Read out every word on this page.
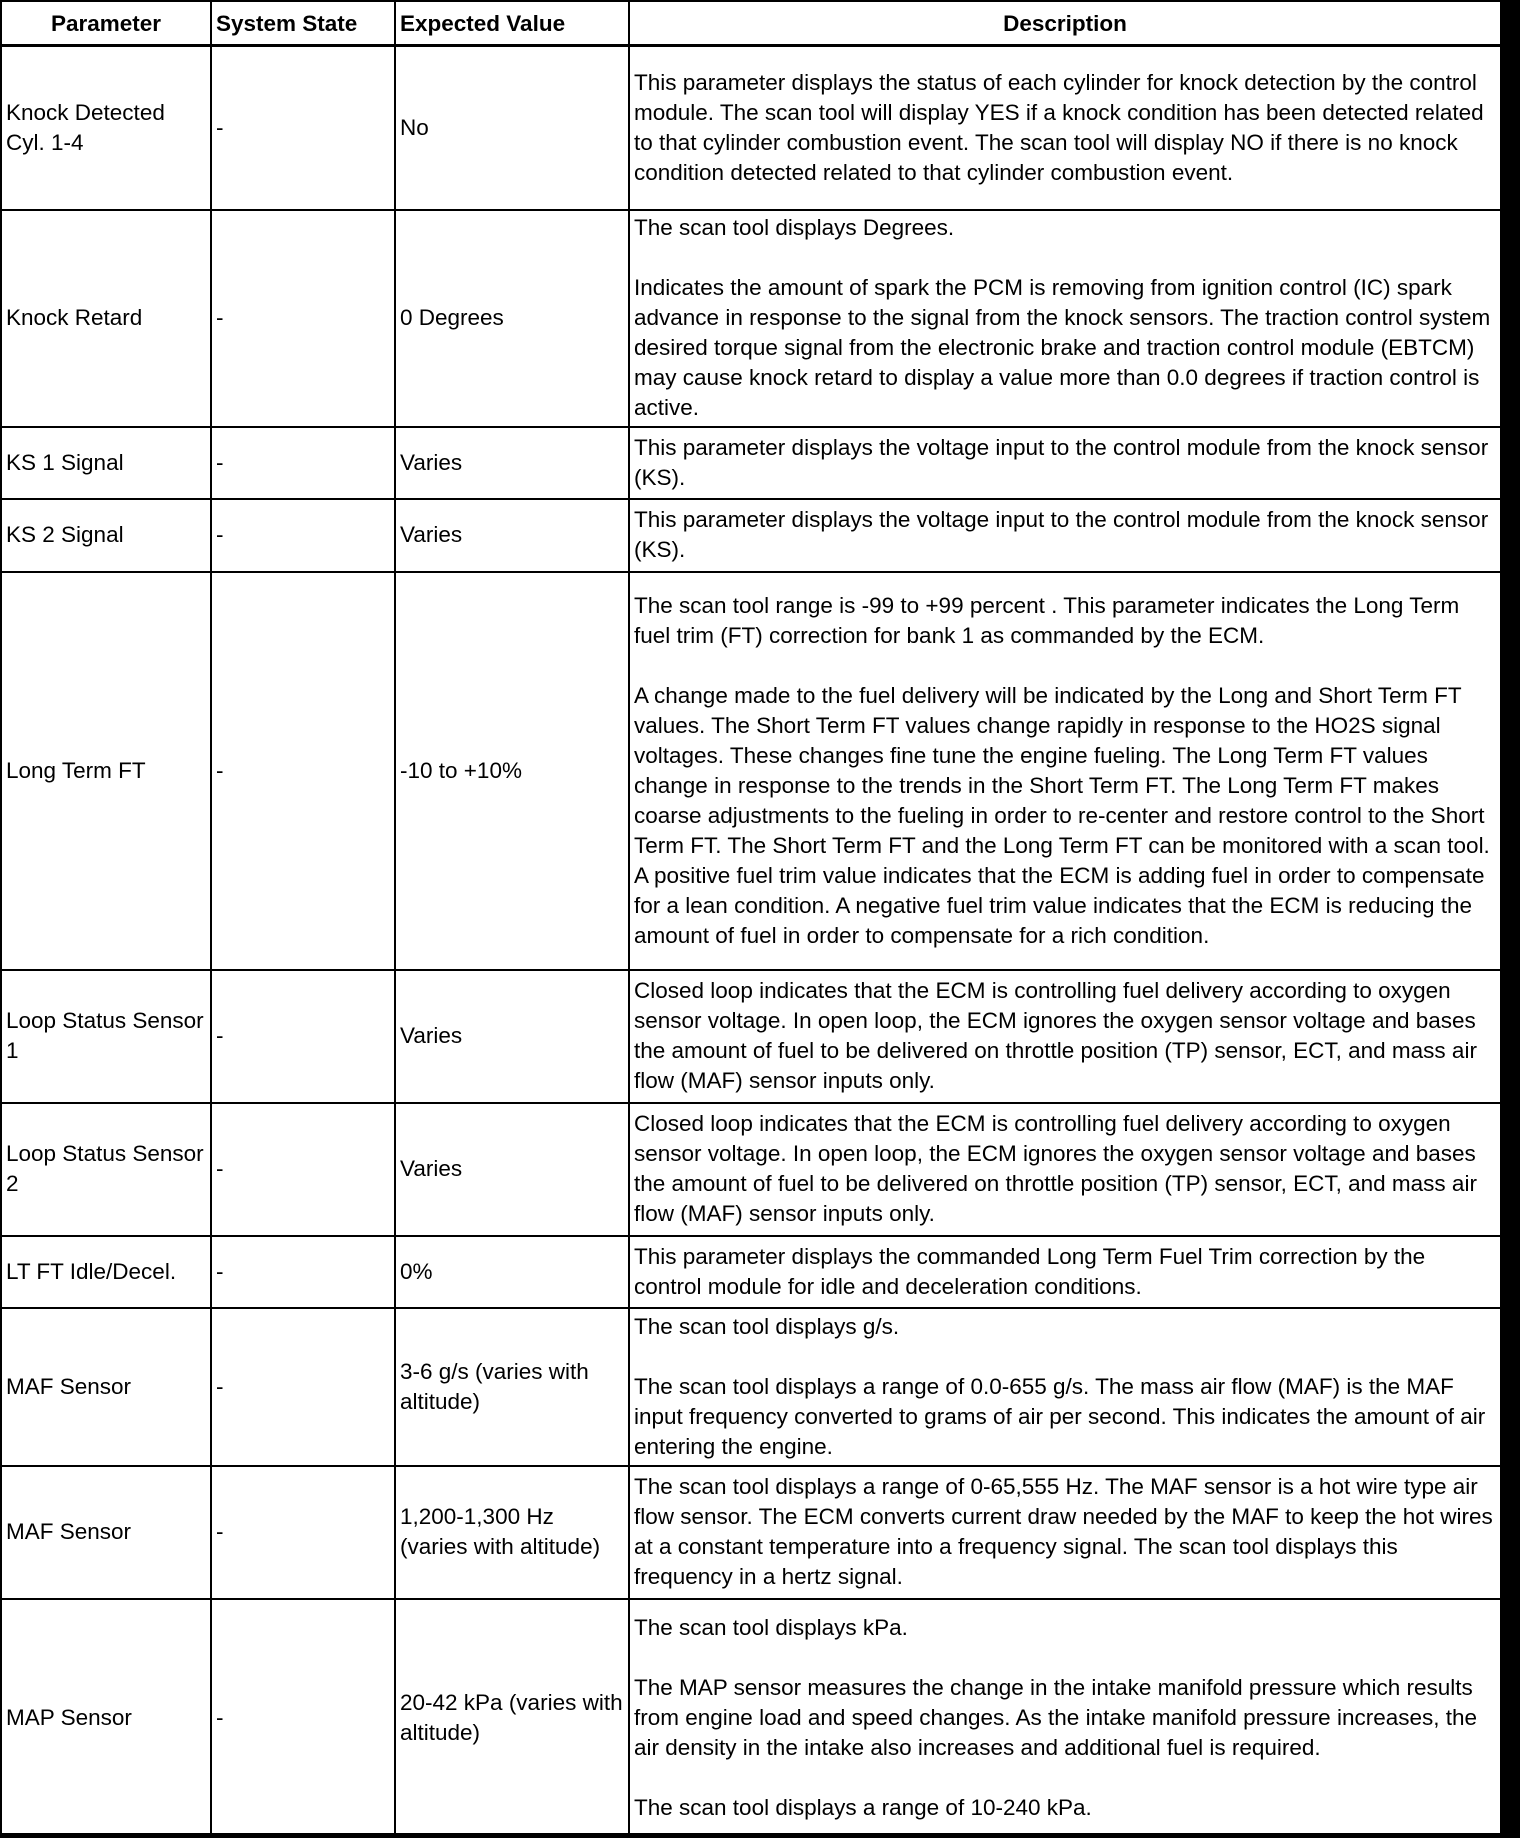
Parameter	System State	Expected Value	Description
Knock Detected Cyl. 1-4	-	No	This parameter displays the status of each cylinder for knock detection by the control module. The scan tool will display YES if a knock condition has been detected related to that cylinder combustion event. The scan tool will display NO if there is no knock condition detected related to that cylinder combustion event.

Knock Retard	-	0 Degrees	The scan tool displays Degrees.

Indicates the amount of spark the PCM is removing from ignition control (IC) spark advance in response to the signal from the knock sensors. The traction control system desired torque signal from the electronic brake and traction control module (EBTCM) may cause knock retard to display a value more than 0.0 degrees if traction control is active.

KS 1 Signal	-	Varies	This parameter displays the voltage input to the control module from the knock sensor (KS).

KS 2 Signal	-	Varies	This parameter displays the voltage input to the control module from the knock sensor (KS).

Long Term FT	-	-10 to +10%	The scan tool range is -99 to +99 percent . This parameter indicates the Long Term fuel trim (FT) correction for bank 1 as commanded by the ECM.

A change made to the fuel delivery will be indicated by the Long and Short Term FT values. The Short Term FT values change rapidly in response to the HO2S signal voltages. These changes fine tune the engine fueling. The Long Term FT values change in response to the trends in the Short Term FT. The Long Term FT makes coarse adjustments to the fueling in order to re-center and restore control to the Short Term FT. The Short Term FT and the Long Term FT can be monitored with a scan tool. A positive fuel trim value indicates that the ECM is adding fuel in order to compensate for a lean condition. A negative fuel trim value indicates that the ECM is reducing the amount of fuel in order to compensate for a rich condition.

Loop Status Sensor 1	-	Varies	Closed loop indicates that the ECM is controlling fuel delivery according to oxygen sensor voltage. In open loop, the ECM ignores the oxygen sensor voltage and bases the amount of fuel to be delivered on throttle position (TP) sensor, ECT, and mass air flow (MAF) sensor inputs only.

Loop Status Sensor 2	-	Varies	Closed loop indicates that the ECM is controlling fuel delivery according to oxygen sensor voltage. In open loop, the ECM ignores the oxygen sensor voltage and bases the amount of fuel to be delivered on throttle position (TP) sensor, ECT, and mass air flow (MAF) sensor inputs only.

LT FT Idle/Decel.	-	0%	This parameter displays the commanded Long Term Fuel Trim correction by the control module for idle and deceleration conditions.

MAF Sensor	-	3-6 g/s (varies with altitude)	The scan tool displays g/s.

The scan tool displays a range of 0.0-655 g/s. The mass air flow (MAF) is the MAF input frequency converted to grams of air per second. This indicates the amount of air entering the engine.

MAF Sensor	-	1,200-1,300 Hz (varies with altitude)	The scan tool displays a range of 0-65,555 Hz. The MAF sensor is a hot wire type air flow sensor. The ECM converts current draw needed by the MAF to keep the hot wires at a constant temperature into a frequency signal. The scan tool displays this frequency in a hertz signal.

MAP Sensor	-	20-42 kPa (varies with altitude)	The scan tool displays kPa.

The MAP sensor measures the change in the intake manifold pressure which results from engine load and speed changes. As the intake manifold pressure increases, the air density in the intake also increases and additional fuel is required.

The scan tool displays a range of 10-240 kPa.
